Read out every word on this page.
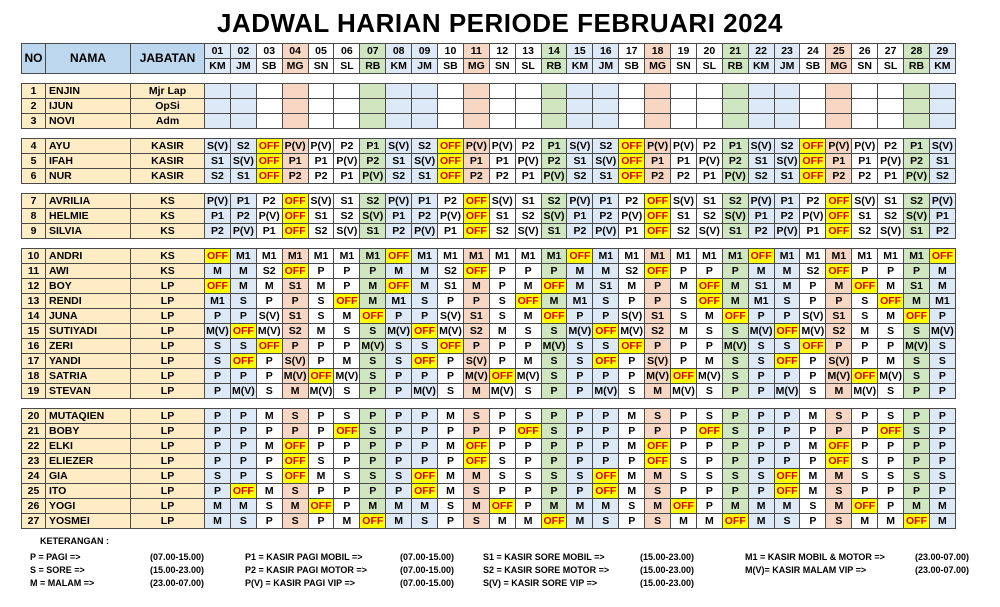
JADWAL HARIAN PERIODE FEBRUARI 2024
NO	NAMA	JABATAN	01	02	03	04	05	06	07	08	09	10	11	12	13	14	15	16	17	18	19	20	21	22	23	24	25	26	27	28	29
			KM	JM	SB	MG	SN	SL	RB	KM	JM	SB	MG	SN	SL	RB	KM	JM	SB	MG	SN	SL	RB	KM	JM	SB	MG	SN	SL	RB	KM

1	ENJIN	Mjr Lap																													
2	IJUN	OpSi																													
3	NOVI	Adm																													

4	AYU	KASIR	S(V)	S2	OFF	P(V)	P(V)	P2	P1	S(V)	S2	OFF	P(V)	P(V)	P2	P1	S(V)	S2	OFF	P(V)	P(V)	P2	P1	S(V)	S2	OFF	P(V)	P(V)	P2	P1	S(V)
5	IFAH	KASIR	S1	S(V)	OFF	P1	P1	P(V)	P2	S1	S(V)	OFF	P1	P1	P(V)	P2	S1	S(V)	OFF	P1	P1	P(V)	P2	S1	S(V)	OFF	P1	P1	P(V)	P2	S1
6	NUR	KASIR	S2	S1	OFF	P2	P2	P1	P(V)	S2	S1	OFF	P2	P2	P1	P(V)	S2	S1	OFF	P2	P2	P1	P(V)	S2	S1	OFF	P2	P2	P1	P(V)	S2

7	AVRILIA	KS	P(V)	P1	P2	OFF	S(V)	S1	S2	P(V)	P1	P2	OFF	S(V)	S1	S2	P(V)	P1	P2	OFF	S(V)	S1	S2	P(V)	P1	P2	OFF	S(V)	S1	S2	P(V)
8	HELMIE	KS	P1	P2	P(V)	OFF	S1	S2	S(V)	P1	P2	P(V)	OFF	S1	S2	S(V)	P1	P2	P(V)	OFF	S1	S2	S(V)	P1	P2	P(V)	OFF	S1	S2	S(V)	P1
9	SILVIA	KS	P2	P(V)	P1	OFF	S2	S(V)	S1	P2	P(V)	P1	OFF	S2	S(V)	S1	P2	P(V)	P1	OFF	S2	S(V)	S1	P2	P(V)	P1	OFF	S2	S(V)	S1	P2

10	ANDRI	KS	OFF	M1	M1	M1	M1	M1	M1	OFF	M1	M1	M1	M1	M1	M1	OFF	M1	M1	M1	M1	M1	M1	OFF	M1	M1	M1	M1	M1	M1	OFF
11	AWI	KS	M	M	S2	OFF	P	P	P	M	M	S2	OFF	P	P	P	M	M	S2	OFF	P	P	P	M	M	S2	OFF	P	P	P	M
12	BOY	LP	OFF	M	M	S1	M	P	M	OFF	M	S1	M	P	M	OFF	M	S1	M	P	M	OFF	M	S1	M	P	M	OFF	M	S1	M
13	RENDI	LP	M1	S	P	P	S	OFF	M	M1	S	P	P	S	OFF	M	M1	S	P	P	S	OFF	M	M1	S	P	P	S	OFF	M	M1
14	JUNA	LP	P	P	S(V)	S1	S	M	OFF	P	P	S(V)	S1	S	M	OFF	P	P	S(V)	S1	S	M	OFF	P	P	S(V)	S1	S	M	OFF	P
15	SUTIYADI	LP	M(V)	OFF	M(V)	S2	M	S	S	M(V)	OFF	M(V)	S2	M	S	S	M(V)	OFF	M(V)	S2	M	S	S	M(V)	OFF	M(V)	S2	M	S	S	M(V)
16	ZERI	LP	S	S	OFF	P	P	P	M(V)	S	S	OFF	P	P	P	M(V)	S	S	OFF	P	P	P	M(V)	S	S	OFF	P	P	P	M(V)	S
17	YANDI	LP	S	OFF	P	S(V)	P	M	S	S	OFF	P	S(V)	P	M	S	S	OFF	P	S(V)	P	M	S	S	OFF	P	S(V)	P	M	S	S
18	SATRIA	LP	P	P	P	M(V)	OFF	M(V)	S	P	P	P	M(V)	OFF	M(V)	S	P	P	P	M(V)	OFF	M(V)	S	P	P	P	M(V)	OFF	M(V)	S	P
19	STEVAN	LP	P	M(V)	S	M	M(V)	S	P	P	M(V)	S	M	M(V)	S	P	P	M(V)	S	M	M(V)	S	P	P	M(V)	S	M	M(V)	S	P	P

20	MUTAQIEN	LP	P	P	M	S	P	S	P	P	P	M	S	P	S	P	P	P	M	S	P	S	P	P	P	M	S	P	S	P	P
21	BOBY	LP	P	P	P	P	P	OFF	S	P	P	P	P	P	OFF	S	P	P	P	P	P	OFF	S	P	P	P	P	P	OFF	S	P
22	ELKI	LP	P	P	M	OFF	P	P	P	P	P	M	OFF	P	P	P	P	P	M	OFF	P	P	P	P	P	M	OFF	P	P	P	P
23	ELIEZER	LP	P	P	P	OFF	S	P	P	P	P	P	OFF	S	P	P	P	P	P	OFF	S	P	P	P	P	P	OFF	S	P	P	P
24	GIA	LP	S	P	S	OFF	M	S	S	S	OFF	M	M	S	S	S	S	OFF	M	M	S	S	S	S	OFF	M	M	S	S	S	S
25	ITO	LP	P	OFF	M	S	P	P	P	P	OFF	M	S	P	P	P	P	OFF	M	S	P	P	P	P	OFF	M	S	P	P	P	P
26	YOGI	LP	M	M	S	M	OFF	P	M	M	M	S	M	OFF	P	M	M	M	S	M	OFF	P	M	M	M	S	M	OFF	P	M	M
27	YOSMEI	LP	M	S	P	S	P	M	OFF	M	S	P	S	M	M	OFF	M	S	P	S	M	M	OFF	M	S	P	S	M	M	OFF	M
KETERANGAN :
P = PAGI =>	(07.00-15.00)	P1 = KASIR PAGI MOBIL =>	(07.00-15.00)	S1 = KASIR SORE MOBIL =>	(15.00-23.00)	M1 = KASIR MOBIL & MOTOR =>	(23.00-07.00)
S = SORE =>	(15.00-23.00)	P2 = KASIR PAGI MOTOR =>	(07.00-15.00)	S2 = KASIR SORE MOTOR =>	(15.00-23.00)	M(V)= KASIR MALAM VIP =>	(23.00-07.00)
M = MALAM =>	(23.00-07.00)	P(V) = KASIR PAGI VIP =>	(07.00-15.00)	S(V) = KASIR SORE VIP =>	(15.00-23.00)
